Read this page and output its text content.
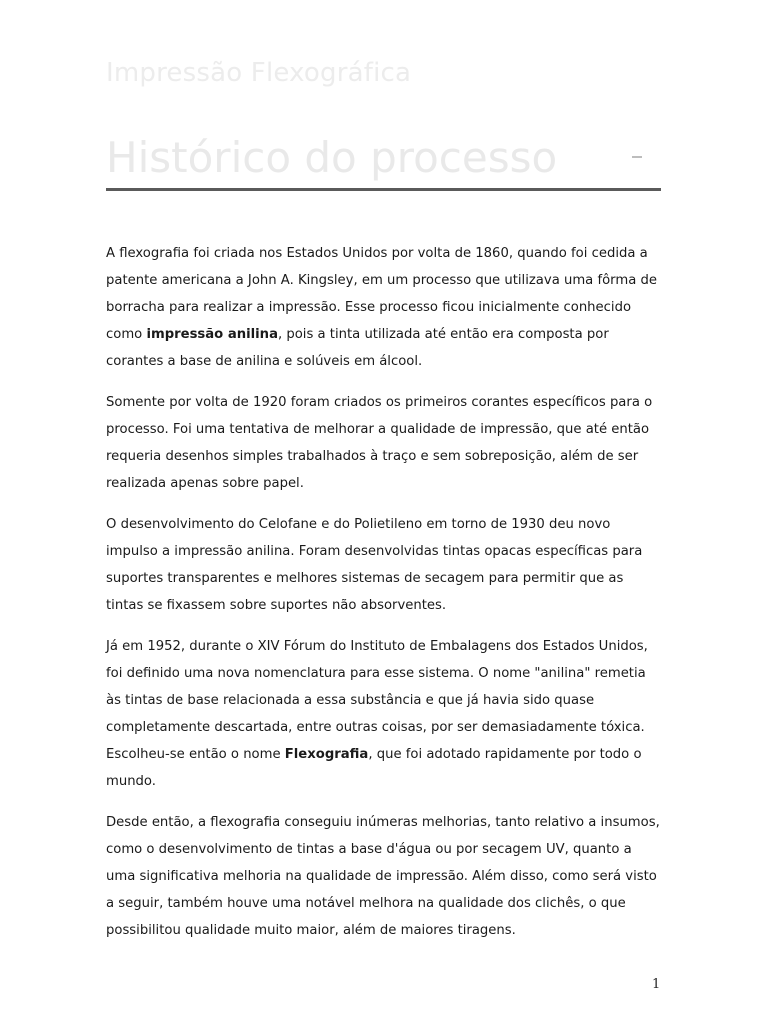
Impressão Flexográfica
Histórico do processo

A flexografia foi criada nos Estados Unidos por volta de 1860, quando foi cedida a patente americana a John A. Kingsley, em um processo que utilizava uma fôrma de borracha para realizar a impressão. Esse processo ficou inicialmente conhecido como impressão anilina, pois a tinta utilizada até então era composta por corantes a base de anilina e solúveis em álcool.

Somente por volta de 1920 foram criados os primeiros corantes específicos para o processo. Foi uma tentativa de melhorar a qualidade de impressão, que até então requeria desenhos simples trabalhados à traço e sem sobreposição, além de ser realizada apenas sobre papel.

O desenvolvimento do Celofane e do Polietileno em torno de 1930 deu novo impulso a impressão anilina. Foram desenvolvidas tintas opacas específicas para suportes transparentes e melhores sistemas de secagem para permitir que as tintas se fixassem sobre suportes não absorventes.

Já em 1952, durante o XIV Fórum do Instituto de Embalagens dos Estados Unidos, foi definido uma nova nomenclatura para esse sistema. O nome "anilina" remetia às tintas de base relacionada a essa substância e que já havia sido quase completamente descartada, entre outras coisas, por ser demasiadamente tóxica. Escolheu-se então o nome Flexografia, que foi adotado rapidamente por todo o mundo.

Desde então, a flexografia conseguiu inúmeras melhorias, tanto relativo a insumos, como o desenvolvimento de tintas a base d'água ou por secagem UV, quanto a uma significativa melhoria na qualidade de impressão. Além disso, como será visto a seguir, também houve uma notável melhora na qualidade dos clichês, o que possibilitou qualidade muito maior, além de maiores tiragens.

1
